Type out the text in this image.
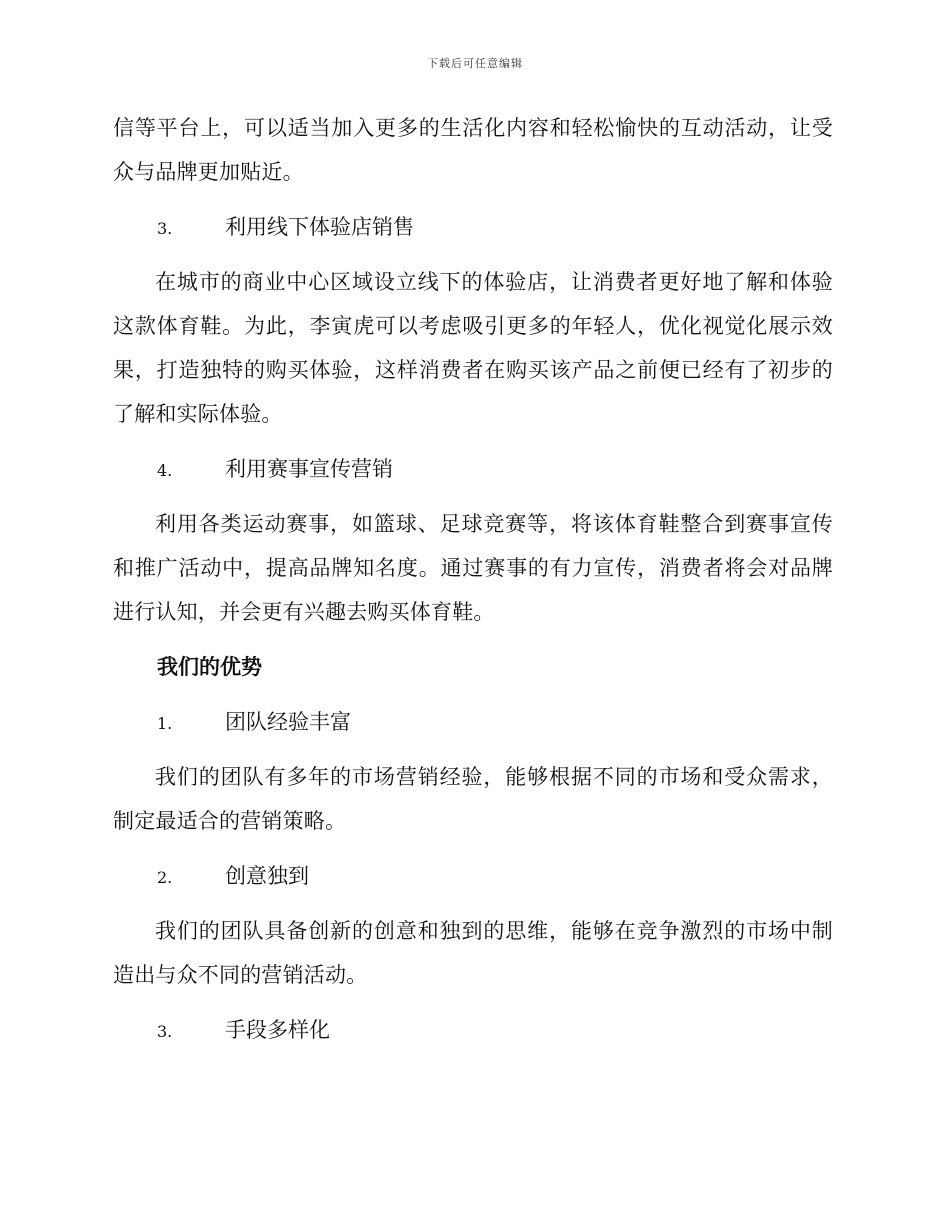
下载后可任意编辑

信等平台上，可以适当加入更多的生活化内容和轻松愉快的互动活动，让受众与品牌更加贴近。

3.	利用线下体验店销售

在城市的商业中心区域设立线下的体验店，让消费者更好地了解和体验这款体育鞋。为此，李寅虎可以考虑吸引更多的年轻人，优化视觉化展示效果，打造独特的购买体验，这样消费者在购买该产品之前便已经有了初步的了解和实际体验。

4.	利用赛事宣传营销

利用各类运动赛事，如篮球、足球竞赛等，将该体育鞋整合到赛事宣传和推广活动中，提高品牌知名度。通过赛事的有力宣传，消费者将会对品牌进行认知，并会更有兴趣去购买体育鞋。

我们的优势
1.	团队经验丰富

我们的团队有多年的市场营销经验，能够根据不同的市场和受众需求，制定最适合的营销策略。

2.	创意独到

我们的团队具备创新的创意和独到的思维，能够在竞争激烈的市场中制造出与众不同的营销活动。

3.	手段多样化
